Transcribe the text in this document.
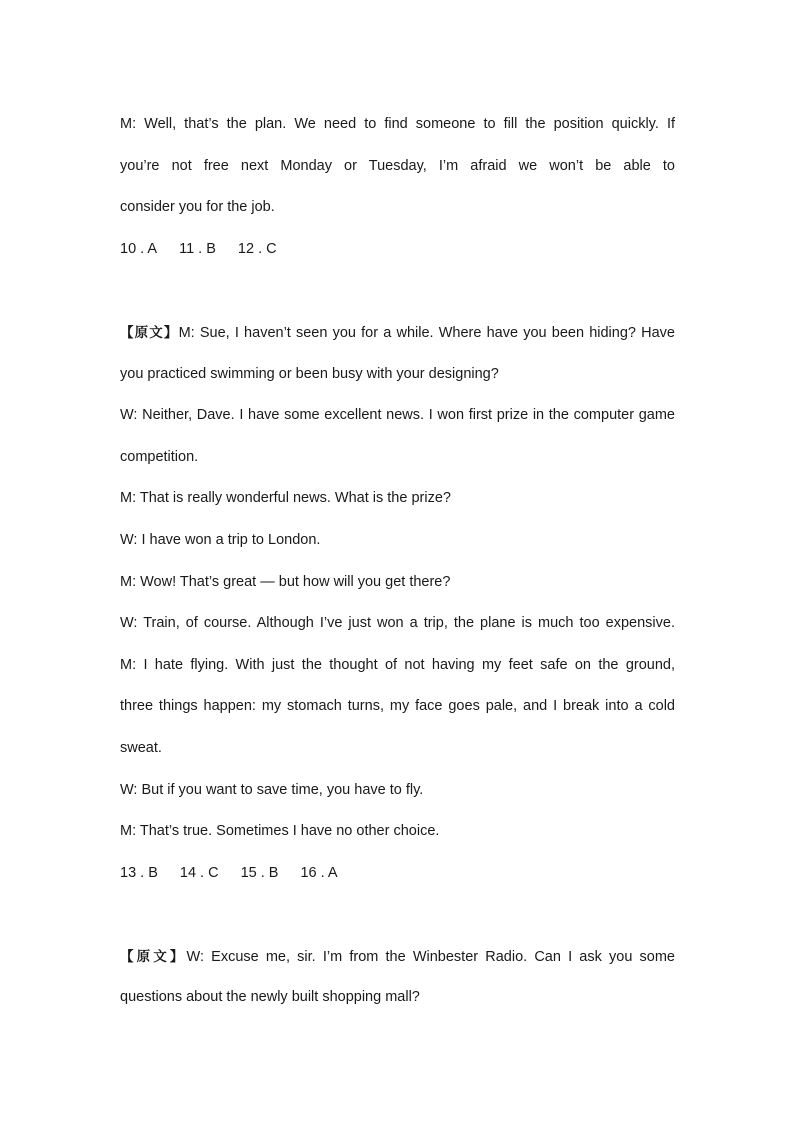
M: Well, that’s the plan. We need to find someone to fill the position quickly. If
you’re not free next Monday or Tuesday, I’m afraid we won’t be able to
consider you for the job.
10 . A 11 . B 12 . C
【原文】M: Sue, I haven’t seen you for a while. Where have you been hiding? Have
you practiced swimming or been busy with your designing?
W: Neither, Dave. I have some excellent news. I won first prize in the computer game
competition.
M: That is really wonderful news. What is the prize?
W: I have won a trip to London.
M: Wow! That’s great — but how will you get there?
W: Train, of course. Although I’ve just won a trip, the plane is much too expensive.
M: I hate flying. With just the thought of not having my feet safe on the ground,
three things happen: my stomach turns, my face goes pale, and I break into a cold
sweat.
W: But if you want to save time, you have to fly.
M: That’s true. Sometimes I have no other choice.
13 . B 14 . C 15 . B 16 . A
【原文】W: Excuse me, sir. I’m from the Winbester Radio. Can I ask you some
questions about the newly built shopping mall?
